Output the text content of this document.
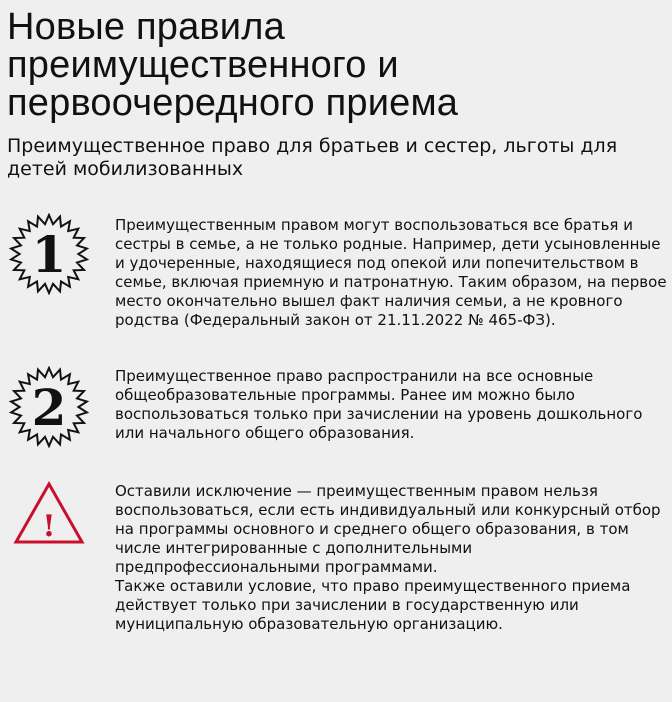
Новые правила
преимущественного и
первоочередного приема

Преимущественное право для братьев и сестер, льготы для детей мобилизованных

1	Преимущественным правом могут воспользоваться все братья и сестры в семье, а не только родные. Например, дети усыновленные и удочеренные, находящиеся под опекой или попечительством в семье, включая приемную и патронатную. Таким образом, на первое место окончательно вышел факт наличия семьи, а не кровного родства (Федеральный закон от 21.11.2022 № 465-ФЗ).

2

Преимущественное право распространили на все основные общеобразовательные программы. Ранее им можно было воспользоваться только при зачислении на уровень дошкольного или начального общего образования.

!
Оставили исключение — преимущественным правом нельзя воспользоваться, если есть индивидуальный или конкурсный отбор на программы основного и среднего общего образования, в том числе интегрированные с дополнительными предпрофессиональными программами.
Также оставили условие, что право преимущественного приема действует только при зачислении в государственную или муниципальную образовательную организацию.
